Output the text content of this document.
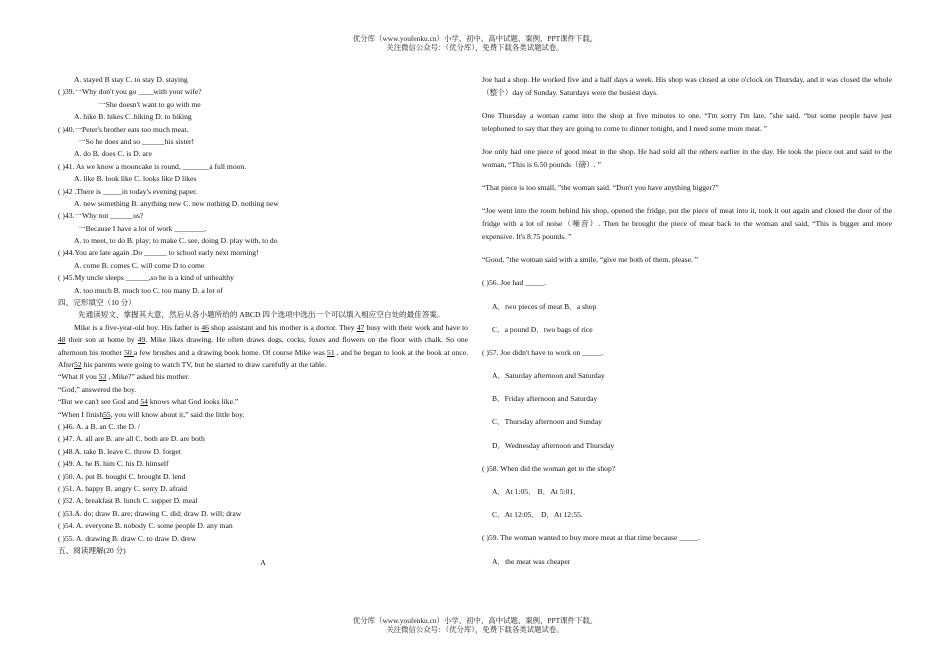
优分库（www.youfenku.cn）小学、初中、高中试题、案例、PPT课件下载。
关注微信公众号：（优分库），免费下载各类试题试卷。
A. stayed B stay C. to stay D. staying
( )39.一Why don't you go ____with your wife?
一She doesn't want to go with me
A. hike B. hikes C .hiking D. to hiking
( )40.一Peter's brother eats too much meat.
一So he does and so ______his sister!
A. do B. does C. is D. are
( )41. As we know a mooncake is round, _______a full moon.
A. like B. look like C. looks like D likes
( )42 .There is _____in today's evening paper.
A. new something B. anything new C. new nothing D. nothing new
( )43.一Why not ______us?
一Because I have a lot of work ________.
A. to meet, to do B. play; to make C. see, doing D. play with, to do
( )44.You are late again .Do ______ to school early next morning!
A. come B. comes C. will come D to come
( )45.My uncle sleeps ______,so he is a kind of unhealthy
A. too much B. much too C. too many D. a lot of
四、完形填空（10 分）
先通读短文，掌握其大意，然后从各小题所给的 ABCD 四个选项中选出一个可以填入相应空白处的最佳答案。
Mike is a five-year-old boy. His father is 46 shop assistant and his mother is a doctor. They 47 busy with their work and have to 48 their son at home by 49. Mike likes drawing. He often draws dogs, cocks, foxes and flowers on the floor with chalk. So one afternoon his mother 50 a few brushes and a drawing book home. Of course Mike was 51 , and he began to look at the book at once. After52 his parents were going to watch TV, but he started to draw carefully at the table.
“What 8 you 53 , Mike?” asked his mother.
“God,” answered the boy.
“But we can't see God and 54 knows what God looks like.”
“When I finish55, you will know about it,” said the little boy.
( )46. A. a B. an C. the D. /
( )47. A. all are B. are all C. both are D. are both
( )48.A. take B. leave C. throw D. forget
( )49. A. he B. him C. his D. himself
( )50. A. put B. bought C. brought D. lend
( )51. A. happy B. angry C. sorry D. afraid
( )52. A. breakfast B. lunch C. supper D. meal
( )53.A. do; draw B. are; drawing C. did; draw D. will; draw
( )54. A. everyone B. nobody C. some people D. any man
( )55. A. drawing B. draw C. to draw D. drew
五、阅读理解(20 分)
A

Joe had a shop. He worked five and a half days a week. His shop was closed at one o'clock on Thursday, and it was closed the whole（整个）day of Sunday. Saturdays were the busiest days.

One Thursday a woman came into the shop at five minutes to one. “I'm sorry I'm late, ”she said. “but some people have just telephoned to say that they are going to come to dinner tonight, and I need some more meat. ”

Joe only had one piece of good meat in the shop. He had sold all the others earlier in the day. He took the piece out and said to the woman, “This is 6.50 pounds（磅）. ”

“That piece is too small, ”the woman said. “Don't you have anything bigger?”

“Joe went into the room behind his shop, opened the fridge, put the piece of meat into it, took it out again and closed the door of the fridge with a lot of noise（噪音）. Then he brought the piece of meat back to the woman and said, “This is bigger and more expensive. It's 8.75 pounds. ”

“Good, ”the woman said with a smile, “give me both of them, please. ”

( )56. Joe had _____.
A．two pieces of meat B．a shop
C．a pound D．two bags of rice
( )57. Joe didn't have to work on _____.
A．Saturday afternoon and Saturday
B．Friday afternoon and Saturday
C．Thursday afternoon and Sunday
D．Wednesday afternoon and Thursday
( )58. When did the woman get to the shop?
A．At 1:05． B．At 5:01．
C．At 12:05． D．At 12:55.
( )59. The woman wanted to buy more meat at that time because _____.
A．the meat was cheaper
优分库（www.youfenku.cn）小学、初中、高中试题、案例、PPT课件下载。
关注微信公众号：（优分库），免费下载各类试题试卷。
